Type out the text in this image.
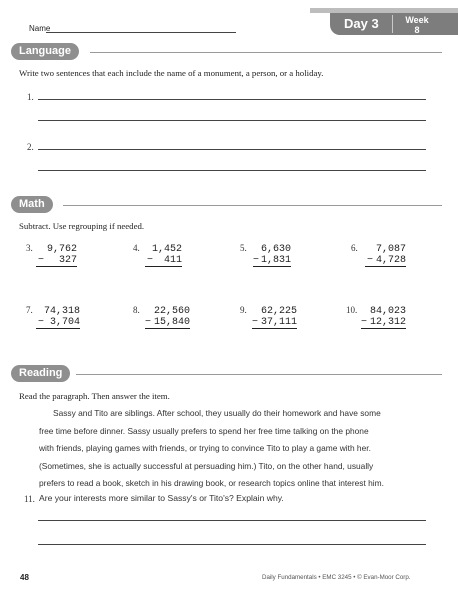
Name	Day 3	Week
8
Language
Write two sentences that each include the name of a monument, a person, or a holiday.
1.
2.
Math
Subtract. Use regrouping if needed.
3.	9,762
− 327
4.	1,452
− 411
5.	6,630
− 1,831
6.	7,087
− 4,728
7.	74,318
− 3,704
8.	22,560
− 15,840
9.	62,225
− 37,111
10.	84,023
− 12,312
Reading
Read the paragraph. Then answer the item.
Sassy and Tito are siblings. After school, they usually do their homework and have some
free time before dinner. Sassy usually prefers to spend her free time talking on the phone
with friends, playing games with friends, or trying to convince Tito to play a game with her.
(Sometimes, she is actually successful at persuading him.) Tito, on the other hand, usually
prefers to read a book, sketch in his drawing book, or research topics online that interest him.
11. Are your interests more similar to Sassy's or Tito's? Explain why.
48	Daily Fundamentals • EMC 3245 • © Evan-Moor Corp.
